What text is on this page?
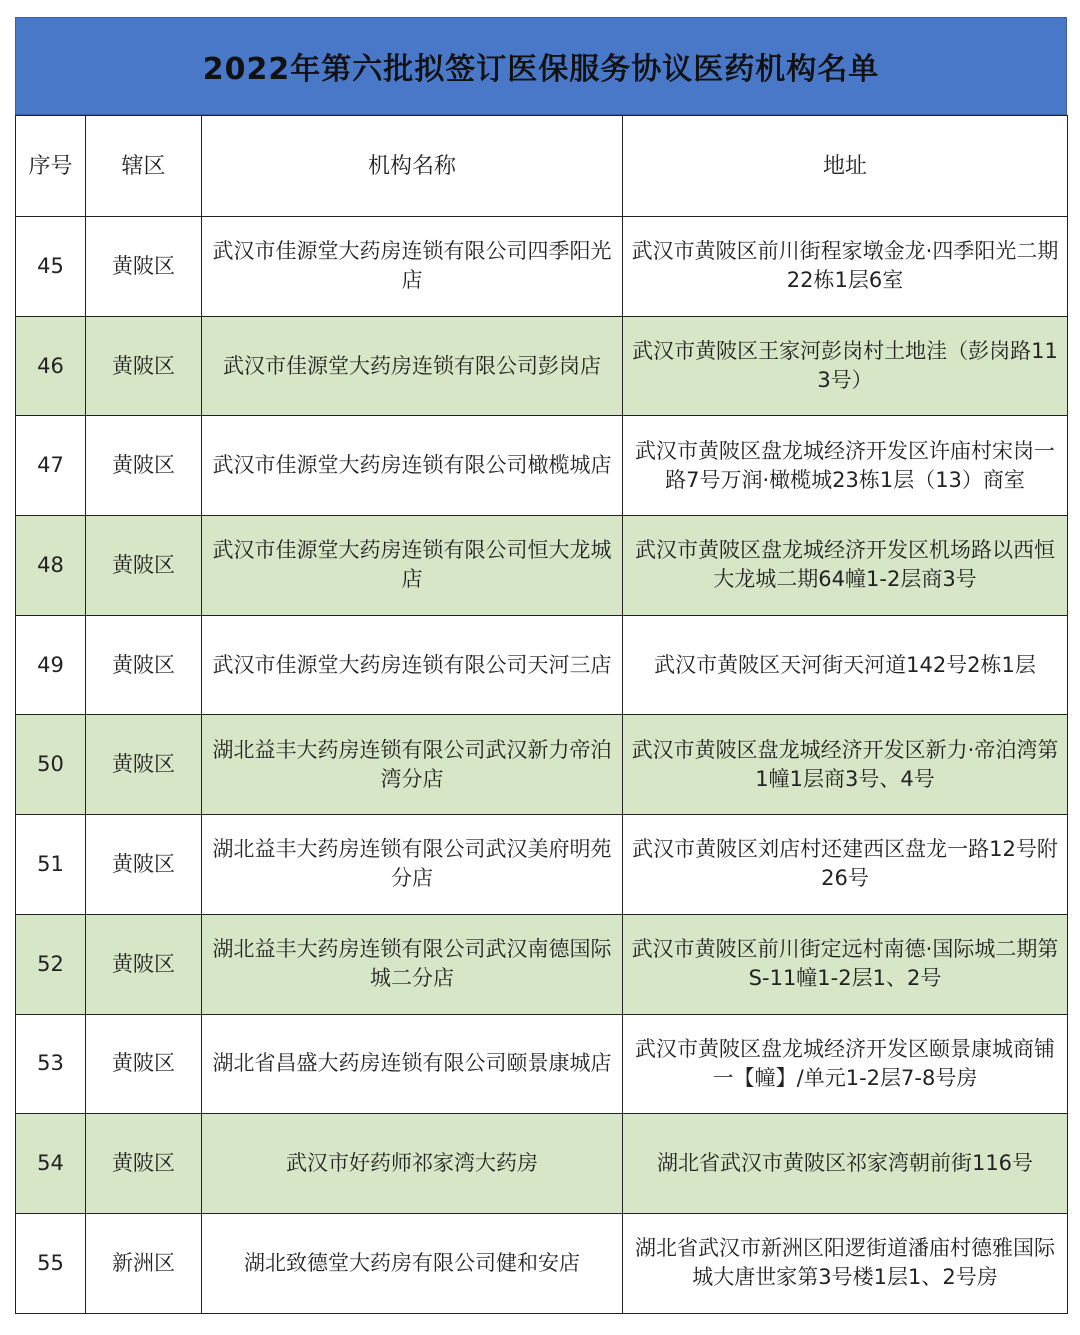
2022年第六批拟签订医保服务协议医药机构名单
序号	辖区	机构名称	地址
45	黄陂区	武汉市佳源堂大药房连锁有限公司四季阳光店	武汉市黄陂区前川街程家墩金龙·四季阳光二期22栋1层6室
46	黄陂区	武汉市佳源堂大药房连锁有限公司彭岗店	武汉市黄陂区王家河彭岗村土地洼（彭岗路113号）
47	黄陂区	武汉市佳源堂大药房连锁有限公司橄榄城店	武汉市黄陂区盘龙城经济开发区许庙村宋岗一路7号万润·橄榄城23栋1层（13）商室
48	黄陂区	武汉市佳源堂大药房连锁有限公司恒大龙城店	武汉市黄陂区盘龙城经济开发区机场路以西恒大龙城二期64幢1-2层商3号
49	黄陂区	武汉市佳源堂大药房连锁有限公司天河三店	武汉市黄陂区天河街天河道142号2栋1层
50	黄陂区	湖北益丰大药房连锁有限公司武汉新力帝泊湾分店	武汉市黄陂区盘龙城经济开发区新力·帝泊湾第1幢1层商3号、4号
51	黄陂区	湖北益丰大药房连锁有限公司武汉美府明苑分店	武汉市黄陂区刘店村还建西区盘龙一路12号附26号
52	黄陂区	湖北益丰大药房连锁有限公司武汉南德国际城二分店	武汉市黄陂区前川街定远村南德·国际城二期第S-11幢1-2层1、2号
53	黄陂区	湖北省昌盛大药房连锁有限公司颐景康城店	武汉市黄陂区盘龙城经济开发区颐景康城商铺一【幢】/单元1-2层7-8号房
54	黄陂区	武汉市好药师祁家湾大药房	湖北省武汉市黄陂区祁家湾朝前街116号
55	新洲区	湖北致德堂大药房有限公司健和安店	湖北省武汉市新洲区阳逻街道潘庙村德雅国际城大唐世家第3号楼1层1、2号房
